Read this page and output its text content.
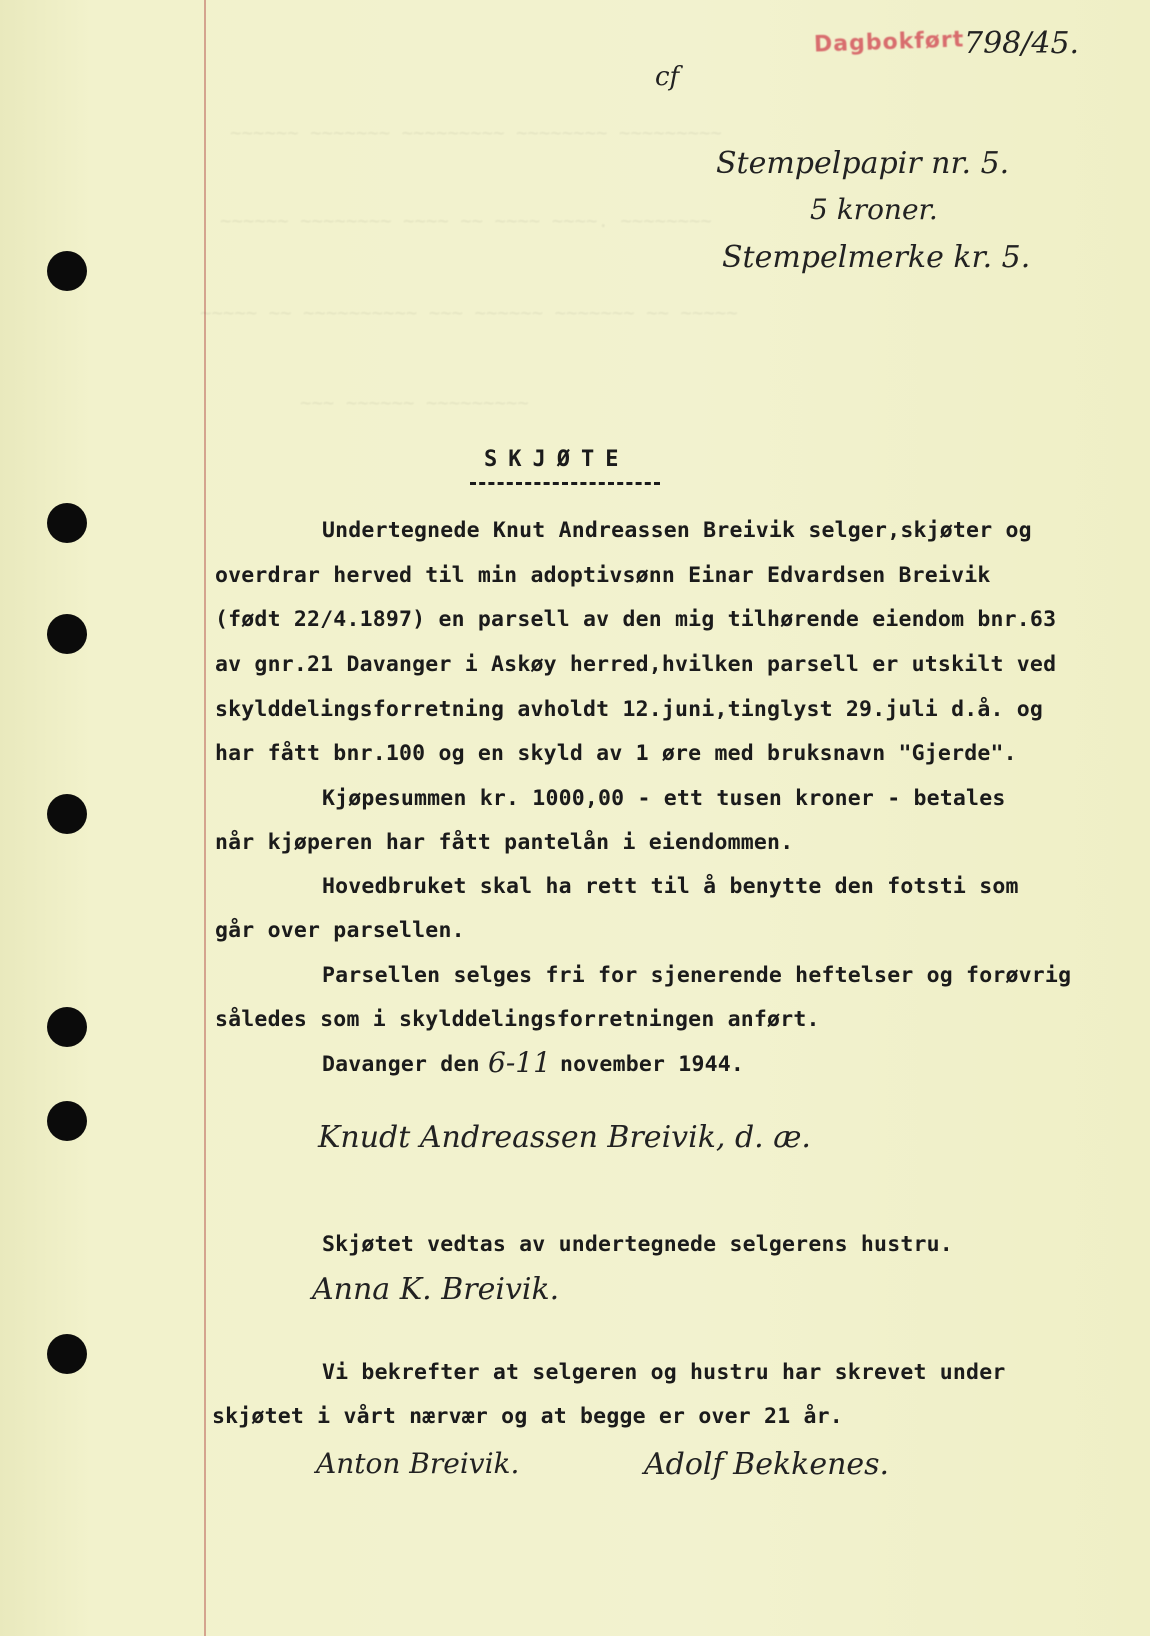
~~~~~~ ~~~~~~~ ~~~~~~~~~ ~~~~~~~~ ~~~~~~~~~
~~~~~~ ~~~~~~~~ ~~~~ ~~ ~~~~ ~~~~. ~~~~~~~~
~~~~~ ~~ ~~~~~~~~~~ ~~~ ~~~~~~ ~~~~~~~ ~~ ~~~~~
~~~ ~~~~~~ ~~~~~~~~~
Dagbokført 798/45.
cf
Stempelpapir nr. 5.
5 kroner.
Stempelmerke kr. 5.
SKJØTE
Undertegnede Knut Andreassen Breivik selger,skjøter og
overdrar herved til min adoptivsønn Einar Edvardsen Breivik
(født 22/4.1897) en parsell av den mig tilhørende eiendom bnr.63
av gnr.21 Davanger i Askøy herred,hvilken parsell er utskilt ved
skylddelingsforretning avholdt 12.juni,tinglyst 29.juli d.å. og
har fått bnr.100 og en skyld av 1 øre med bruksnavn "Gjerde".
Kjøpesummen kr. 1000,00 - ett tusen kroner - betales
når kjøperen har fått pantelån i eiendommen.
Hovedbruket skal ha rett til å benytte den fotsti som
går over parsellen.
Parsellen selges fri for sjenerende heftelser og forøvrig
således som i skylddelingsforretningen anført.
Davanger den 6-11 november 1944.
Knudt Andreassen Breivik, d. æ.
Skjøtet vedtas av undertegnede selgerens hustru.
Anna K. Breivik.
Vi bekrefter at selgeren og hustru har skrevet under
skjøtet i vårt nærvær og at begge er over 21 år.
Anton Breivik.	Adolf Bekkenes.
